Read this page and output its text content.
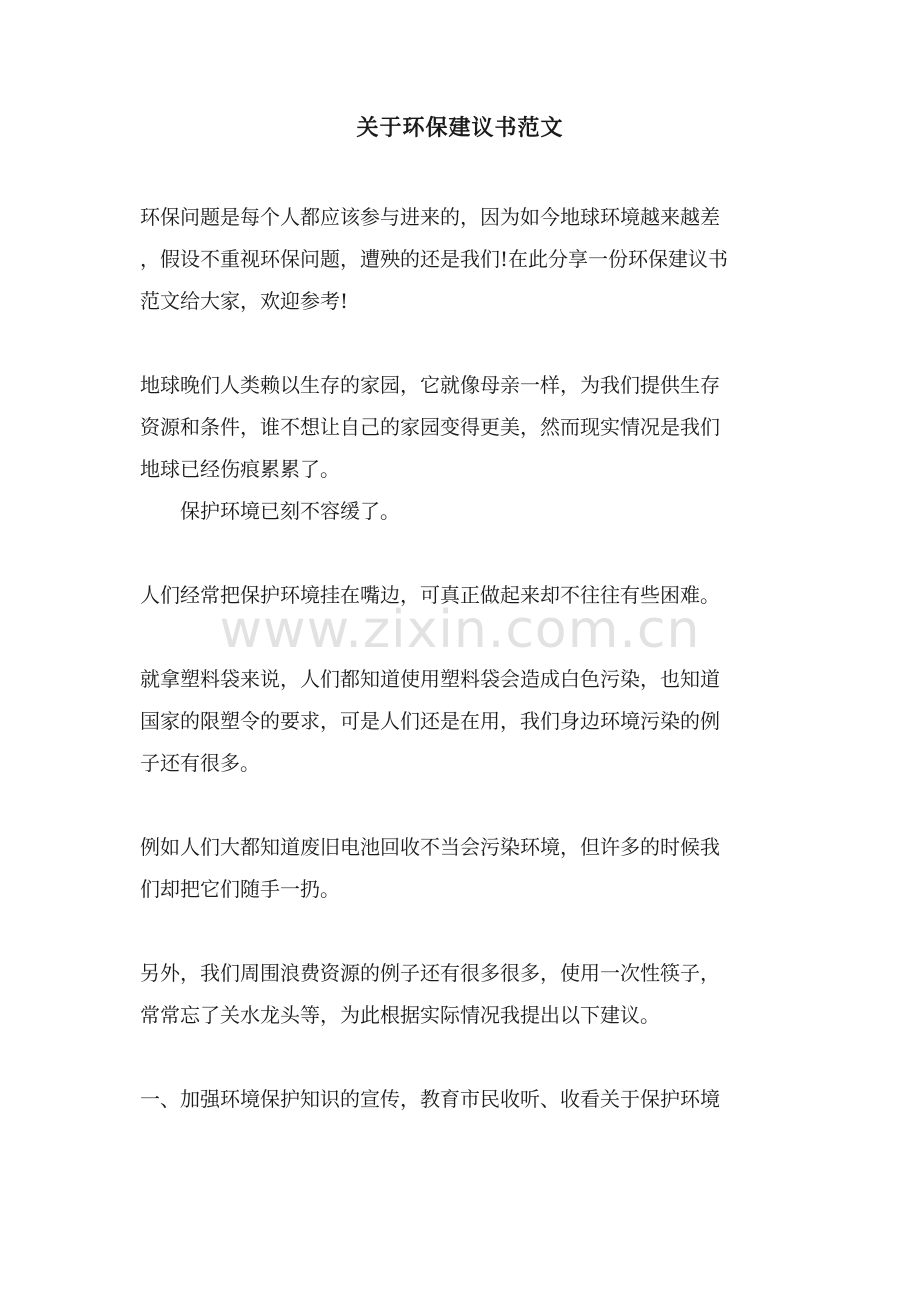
www.zixin.com.cn
关于环保建议书范文

环保问题是每个人都应该参与进来的，因为如今地球环境越来越差
，假设不重视环保问题，遭殃的还是我们!在此分享一份环保建议书
范文给大家，欢迎参考!

地球晚们人类赖以生存的家园，它就像母亲一样，为我们提供生存
资源和条件，谁不想让自己的家园变得更美，然而现实情况是我们
地球已经伤痕累累了。

保护环境已刻不容缓了。

人们经常把保护环境挂在嘴边，可真正做起来却不往往有些困难。

就拿塑料袋来说，人们都知道使用塑料袋会造成白色污染，也知道
国家的限塑令的要求，可是人们还是在用，我们身边环境污染的例
子还有很多。

例如人们大都知道废旧电池回收不当会污染环境，但许多的时候我
们却把它们随手一扔。

另外，我们周围浪费资源的例子还有很多很多，使用一次性筷子，
常常忘了关水龙头等，为此根据实际情况我提出以下建议。

一、加强环境保护知识的宣传，教育市民收听、收看关于保护环境
